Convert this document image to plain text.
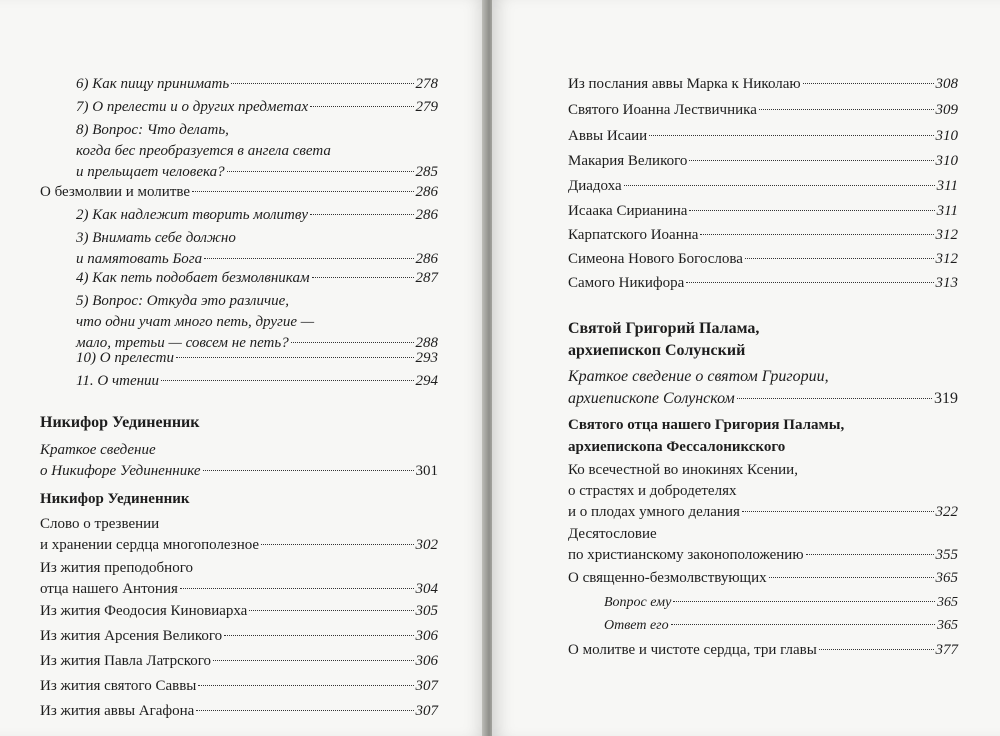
6) Как пищу принимать	278
7) О прелести и о других предметах	279
8) Вопрос: Что делать,
когда бес преобразуется в ангела света
и прельщает человека?	285
О безмолвии и молитве	286
2) Как надлежит творить молитву	286
3) Внимать себе должно
и памятовать Бога	286
4) Как петь подобает безмолвникам	287
5) Вопрос: Откуда это различие,
что одни учат много петь, другие —
мало, третьи — совсем не петь?	288
10) О прелести	293
11. О чтении	294
Никифор Уединенник
Краткое сведение
о Никифоре Уединеннике	301
Никифор Уединенник
Слово о трезвении
и хранении сердца многополезное	302
Из жития преподобного
отца нашего Антония	304
Из жития Феодосия Киновиарха	305
Из жития Арсения Великого	306
Из жития Павла Латрского	306
Из жития святого Саввы	307
Из жития аввы Агафона	307
Из послания аввы Марка к Николаю	308
Святого Иоанна Лествичника	309
Аввы Исаии	310
Макария Великого	310
Диадоха	311
Исаака Сирианина	311
Карпатского Иоанна	312
Симеона Нового Богослова	312
Самого Никифора	313
Святой Григорий Палама,
архиепископ Солунский
Краткое сведение о святом Григории,
архиепископе Солунском	319
Святого отца нашего Григория Паламы,
архиепископа Фессалоникского
Ко всечестной во инокинях Ксении,
о страстях и добродетелях
и о плодах умного делания	322
Десятословие
по христианскому законоположению	355
О священно-безмолвствующих	365
Вопрос ему	365
Ответ его	365
О молитве и чистоте сердца, три главы	377
